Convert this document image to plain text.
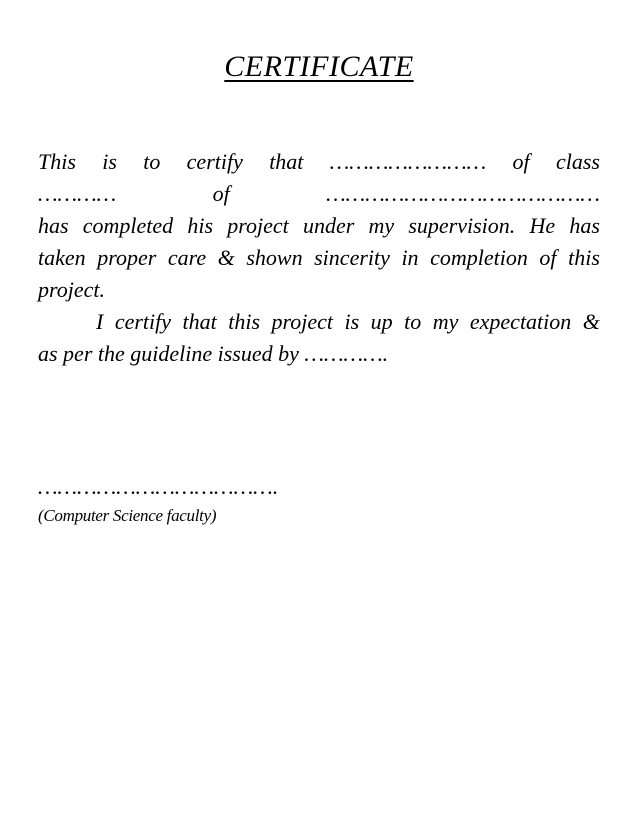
CERTIFICATE
This is to certify that …………………… of class
…………	of	……………………………………
has completed his project under my supervision. He has
taken proper care & shown sincerity in completion of this
project.
I certify that this project is up to my expectation &
as per the guideline issued by ………….
……………………………….
(Computer Science faculty)
